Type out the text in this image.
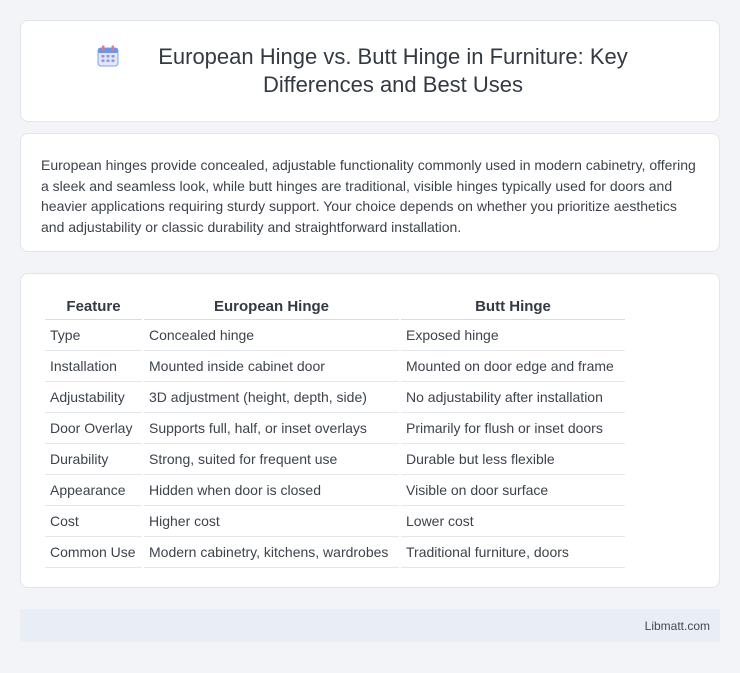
European Hinge vs. Butt Hinge in Furniture: Key Differences and Best Uses

European hinges provide concealed, adjustable functionality commonly used in modern cabinetry, offering a sleek and seamless look, while butt hinges are traditional, visible hinges typically used for doors and heavier applications requiring sturdy support. Your choice depends on whether you prioritize aesthetics and adjustability or classic durability and straightforward installation.

Feature	European Hinge	Butt Hinge
Type	Concealed hinge	Exposed hinge
Installation	Mounted inside cabinet door	Mounted on door edge and frame
Adjustability	3D adjustment (height, depth, side)	No adjustability after installation
Door Overlay	Supports full, half, or inset overlays	Primarily for flush or inset doors
Durability	Strong, suited for frequent use	Durable but less flexible
Appearance	Hidden when door is closed	Visible on door surface
Cost	Higher cost	Lower cost
Common Use	Modern cabinetry, kitchens, wardrobes	Traditional furniture, doors
Libmatt.com
